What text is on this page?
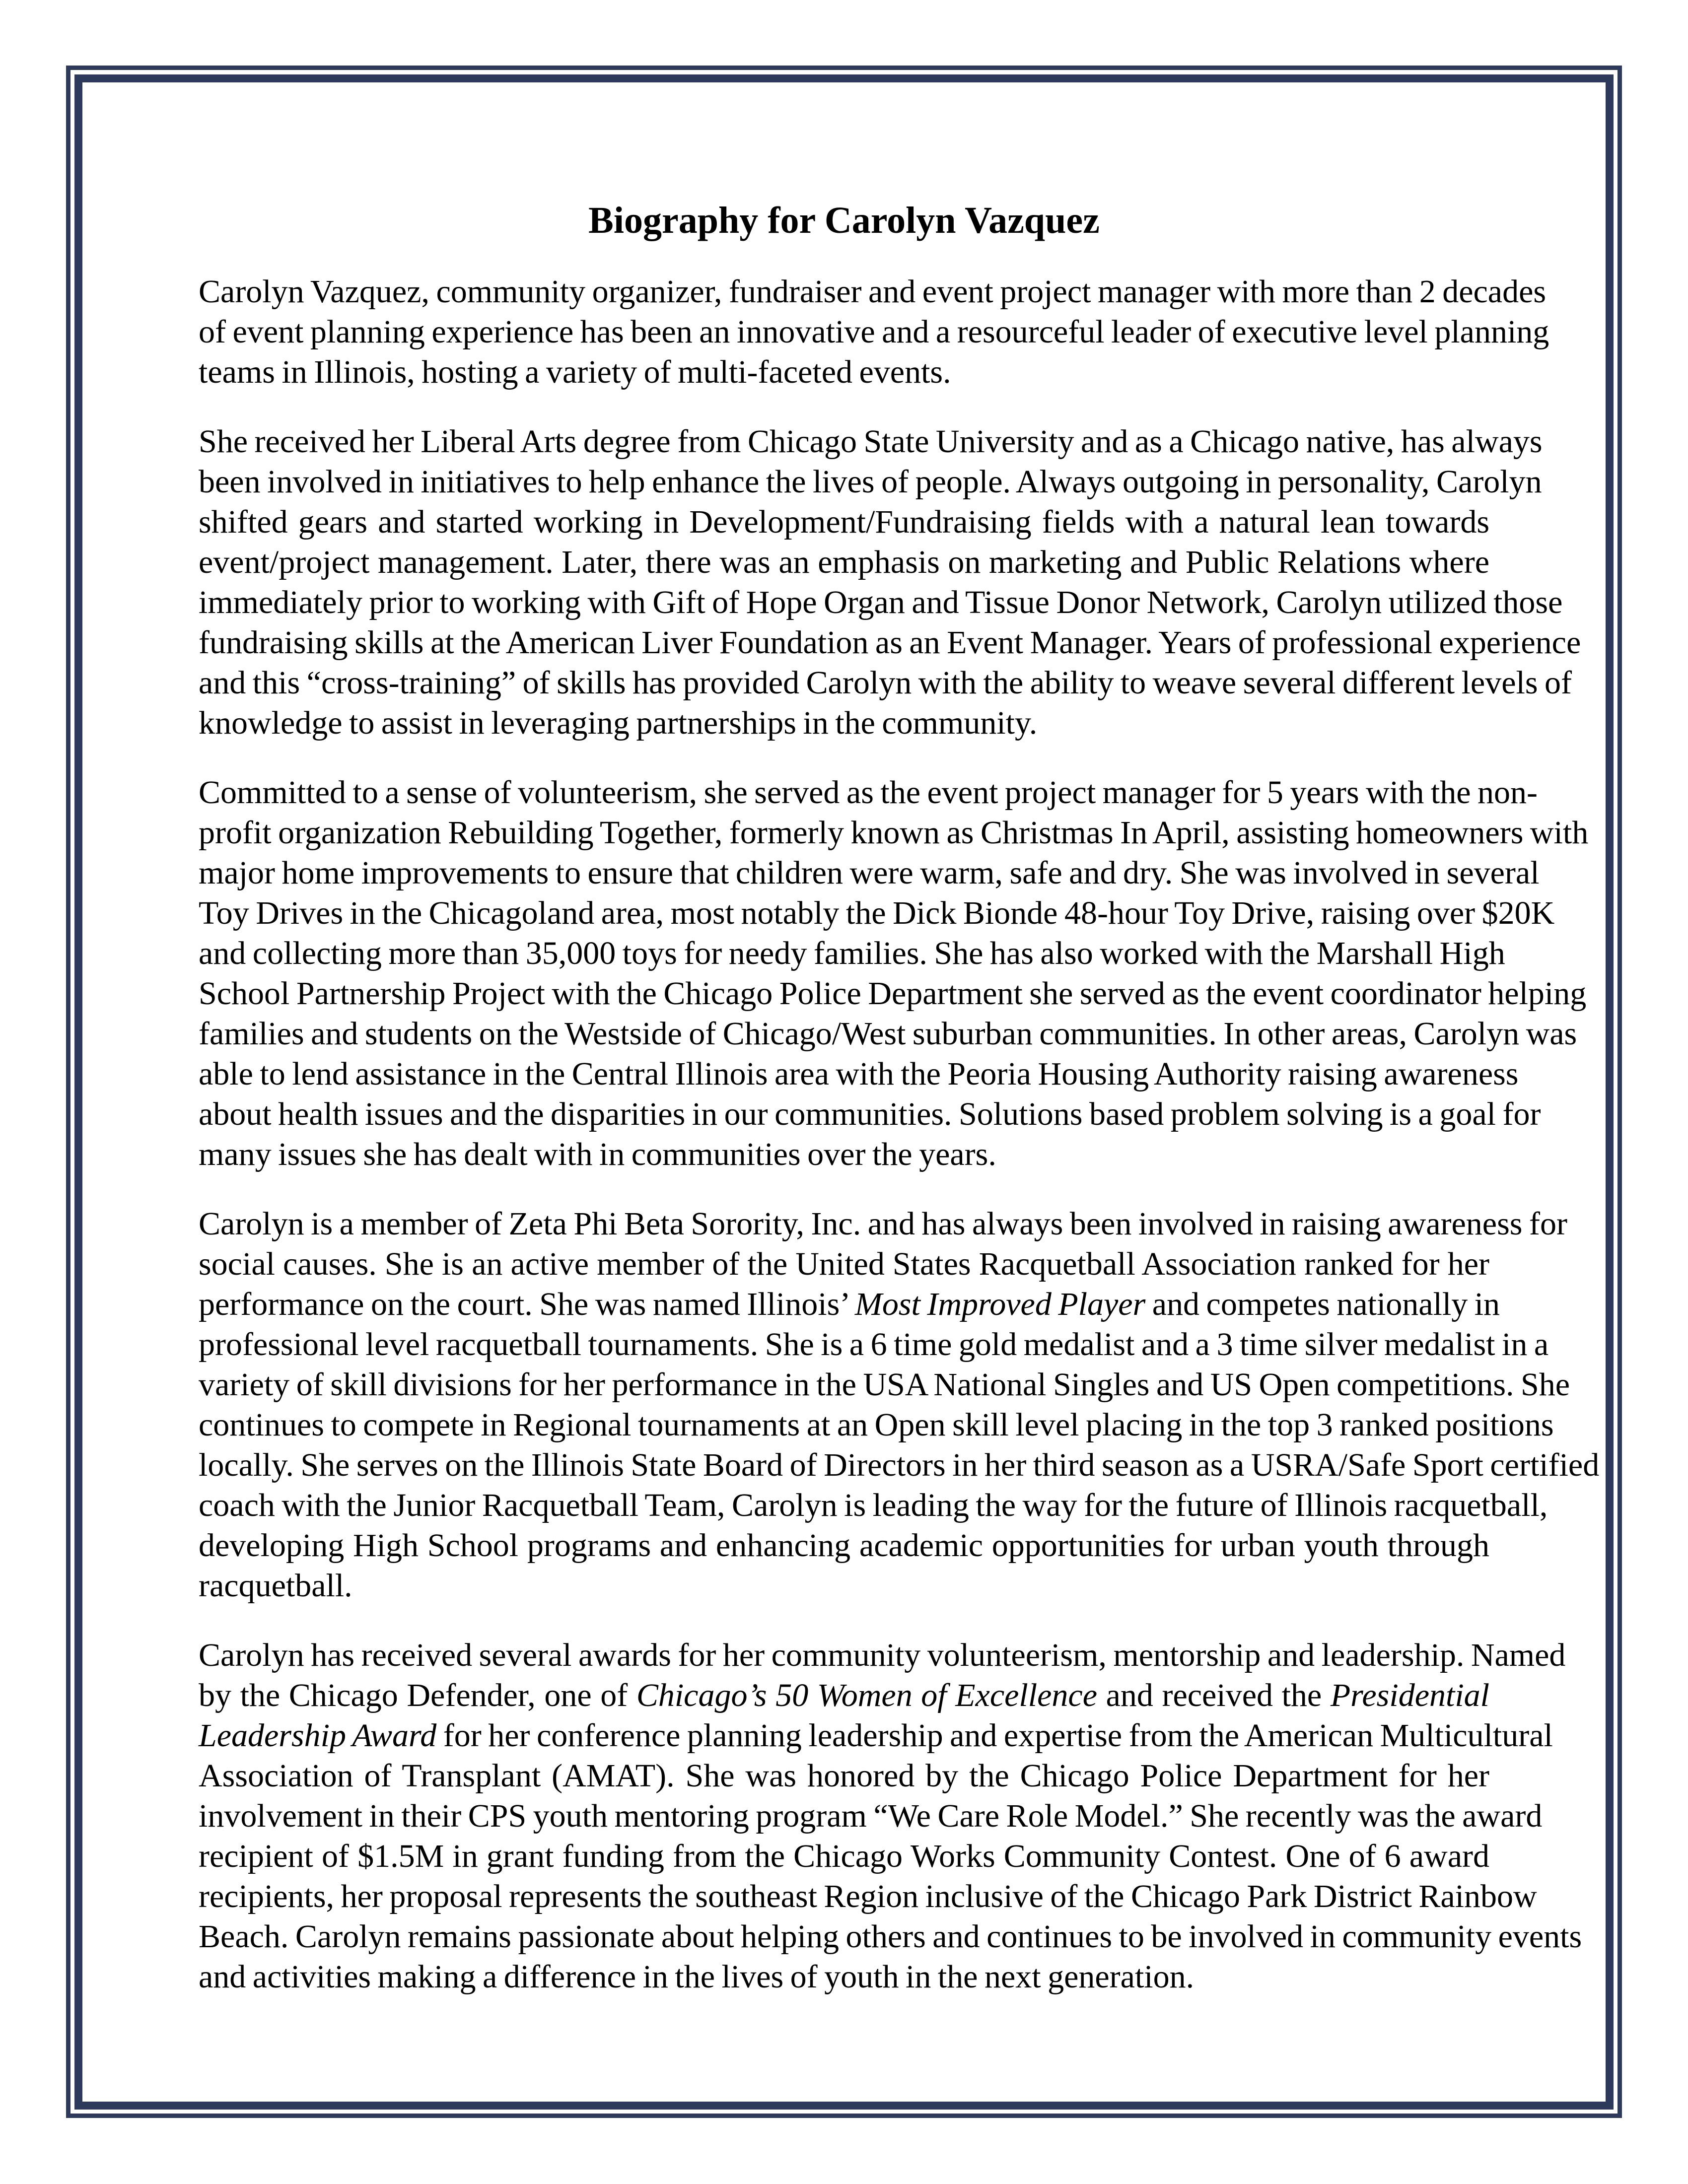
Biography for Carolyn Vazquez
Carolyn Vazquez, community organizer, fundraiser and event project manager with more than 2 decades
of event planning experience has been an innovative and a resourceful leader of executive level planning
teams in Illinois, hosting a variety of multi-faceted events.
She received her Liberal Arts degree from Chicago State University and as a Chicago native, has always
been involved in initiatives to help enhance the lives of people. Always outgoing in personality, Carolyn
shifted gears and started working in Development/Fundraising fields with a natural lean towards
event/project management. Later, there was an emphasis on marketing and Public Relations where
immediately prior to working with Gift of Hope Organ and Tissue Donor Network, Carolyn utilized those
fundraising skills at the American Liver Foundation as an Event Manager. Years of professional experience
and this “cross-training” of skills has provided Carolyn with the ability to weave several different levels of
knowledge to assist in leveraging partnerships in the community.
Committed to a sense of volunteerism, she served as the event project manager for 5 years with the non-
profit organization Rebuilding Together, formerly known as Christmas In April, assisting homeowners with
major home improvements to ensure that children were warm, safe and dry. She was involved in several
Toy Drives in the Chicagoland area, most notably the Dick Bionde 48-hour Toy Drive, raising over $20K
and collecting more than 35,000 toys for needy families. She has also worked with the Marshall High
School Partnership Project with the Chicago Police Department she served as the event coordinator helping
families and students on the Westside of Chicago/West suburban communities. In other areas, Carolyn was
able to lend assistance in the Central Illinois area with the Peoria Housing Authority raising awareness
about health issues and the disparities in our communities. Solutions based problem solving is a goal for
many issues she has dealt with in communities over the years.
Carolyn is a member of Zeta Phi Beta Sorority, Inc. and has always been involved in raising awareness for
social causes. She is an active member of the United States Racquetball Association ranked for her
performance on the court. She was named Illinois’ Most Improved Player and competes nationally in
professional level racquetball tournaments. She is a 6 time gold medalist and a 3 time silver medalist in a
variety of skill divisions for her performance in the USA National Singles and US Open competitions. She
continues to compete in Regional tournaments at an Open skill level placing in the top 3 ranked positions
locally. She serves on the Illinois State Board of Directors in her third season as a USRA/Safe Sport certified
coach with the Junior Racquetball Team, Carolyn is leading the way for the future of Illinois racquetball,
developing High School programs and enhancing academic opportunities for urban youth through
racquetball.
Carolyn has received several awards for her community volunteerism, mentorship and leadership. Named
by the Chicago Defender, one of Chicago’s 50 Women of Excellence and received the Presidential
Leadership Award for her conference planning leadership and expertise from the American Multicultural
Association of Transplant (AMAT). She was honored by the Chicago Police Department for her
involvement in their CPS youth mentoring program “We Care Role Model.” She recently was the award
recipient of $1.5M in grant funding from the Chicago Works Community Contest. One of 6 award
recipients, her proposal represents the southeast Region inclusive of the Chicago Park District Rainbow
Beach. Carolyn remains passionate about helping others and continues to be involved in community events
and activities making a difference in the lives of youth in the next generation.
